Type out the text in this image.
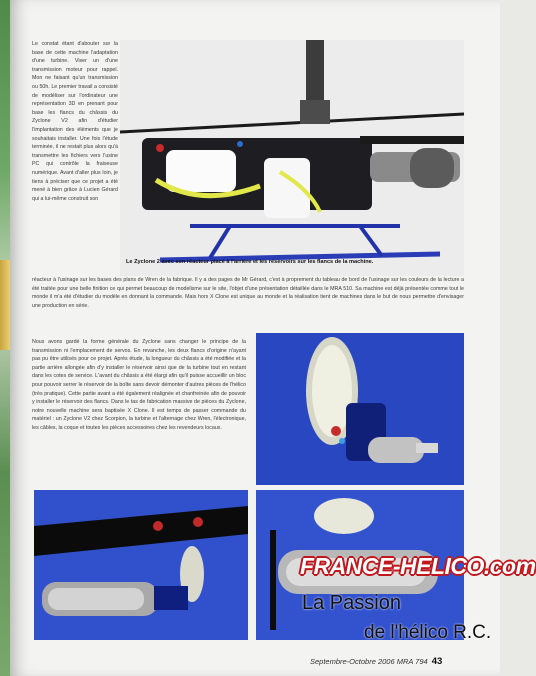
Le constat étant d'abouter sur la base de cette machine l'adaptation d'une turbine. Viser un d'une transmission moteur pour rappel. Mon ne faisant qu'un transmission ou 50h. Le premier travail a consisté de modéliser sur l'ordinateur une représentation 3D en prenant pour base les flancs du châssis du Zyclone V2 afin d'étudier l'implantation des éléments que je souhaitais installer. Une fois l'étude terminée, il ne restait plus alors qu'à transmettre les fichiers vers l'usine PC qui contrôle la fraiseuse numérique. Avant d'aller plus loin, je tiens à préciser que ce projet a été mené à bien grâce à Lucien Gérard qui a lui-même construit son
Le Zyclone 2 avec son réacteur placé à l'arrière et les réservoirs sur les flancs de la machine.
réacteur à l'usinage sur les bases des plans de Wren de la fabrique. Il y a des pages de Mr Gérard, c'est à proprement du tableau de bord de l'usinage sur les couleurs de la lecture a été traitée pour une belle finition ce qui permet beaucoup de modelisme sur le site, l'objet d'une présentation détaillée dans le MRA 510. Sa machine est déjà présentée comme tout le monde il m'a été d'étudier du modèle en donnant la commande. Mais hors X Clone est unique au monde et la réalisation tient de machines dans le but de nous permettre d'envisager une production en série.
Nous avons gardé la forme générale du Zyclone sans changer le principe de la transmission ni l'emplacement de servos. En revanche, les deux flancs d'origine n'ayant pas pu être utilisés pour ce projet. Après étude, la longueur du châssis a été modifiée et la partie arrière allongée afin d'y installer le réservoir ainsi que de la turbine tout en restant dans les cotes de service. L'avant du châssis a été élargi afin qu'il puisse accueillir un bloc pour pouvoir serrer le réservoir de la boîte sans devoir démonter d'autres pièces de l'hélico (très pratique). Cette partie avant a été également réalignée et chanfreinée afin de pouvoir y installer le réservoir des flancs. Dans le tas de fabrication massive de pièces du Zyclone, notre nouvelle machine sera baptisée X Clone. Il est temps de passer commande du matériel : un Zyclone V2 chez Scorpion, la turbine et l'alternage chez Wren, l'électronique, les câbles, la coque et toutes les pièces accessoires chez les revendeurs locaux.
FRANCE-HELICO.com
La Passion
de l'hélico R.C.
Septembre-Octobre 2006 MRA 794 43
